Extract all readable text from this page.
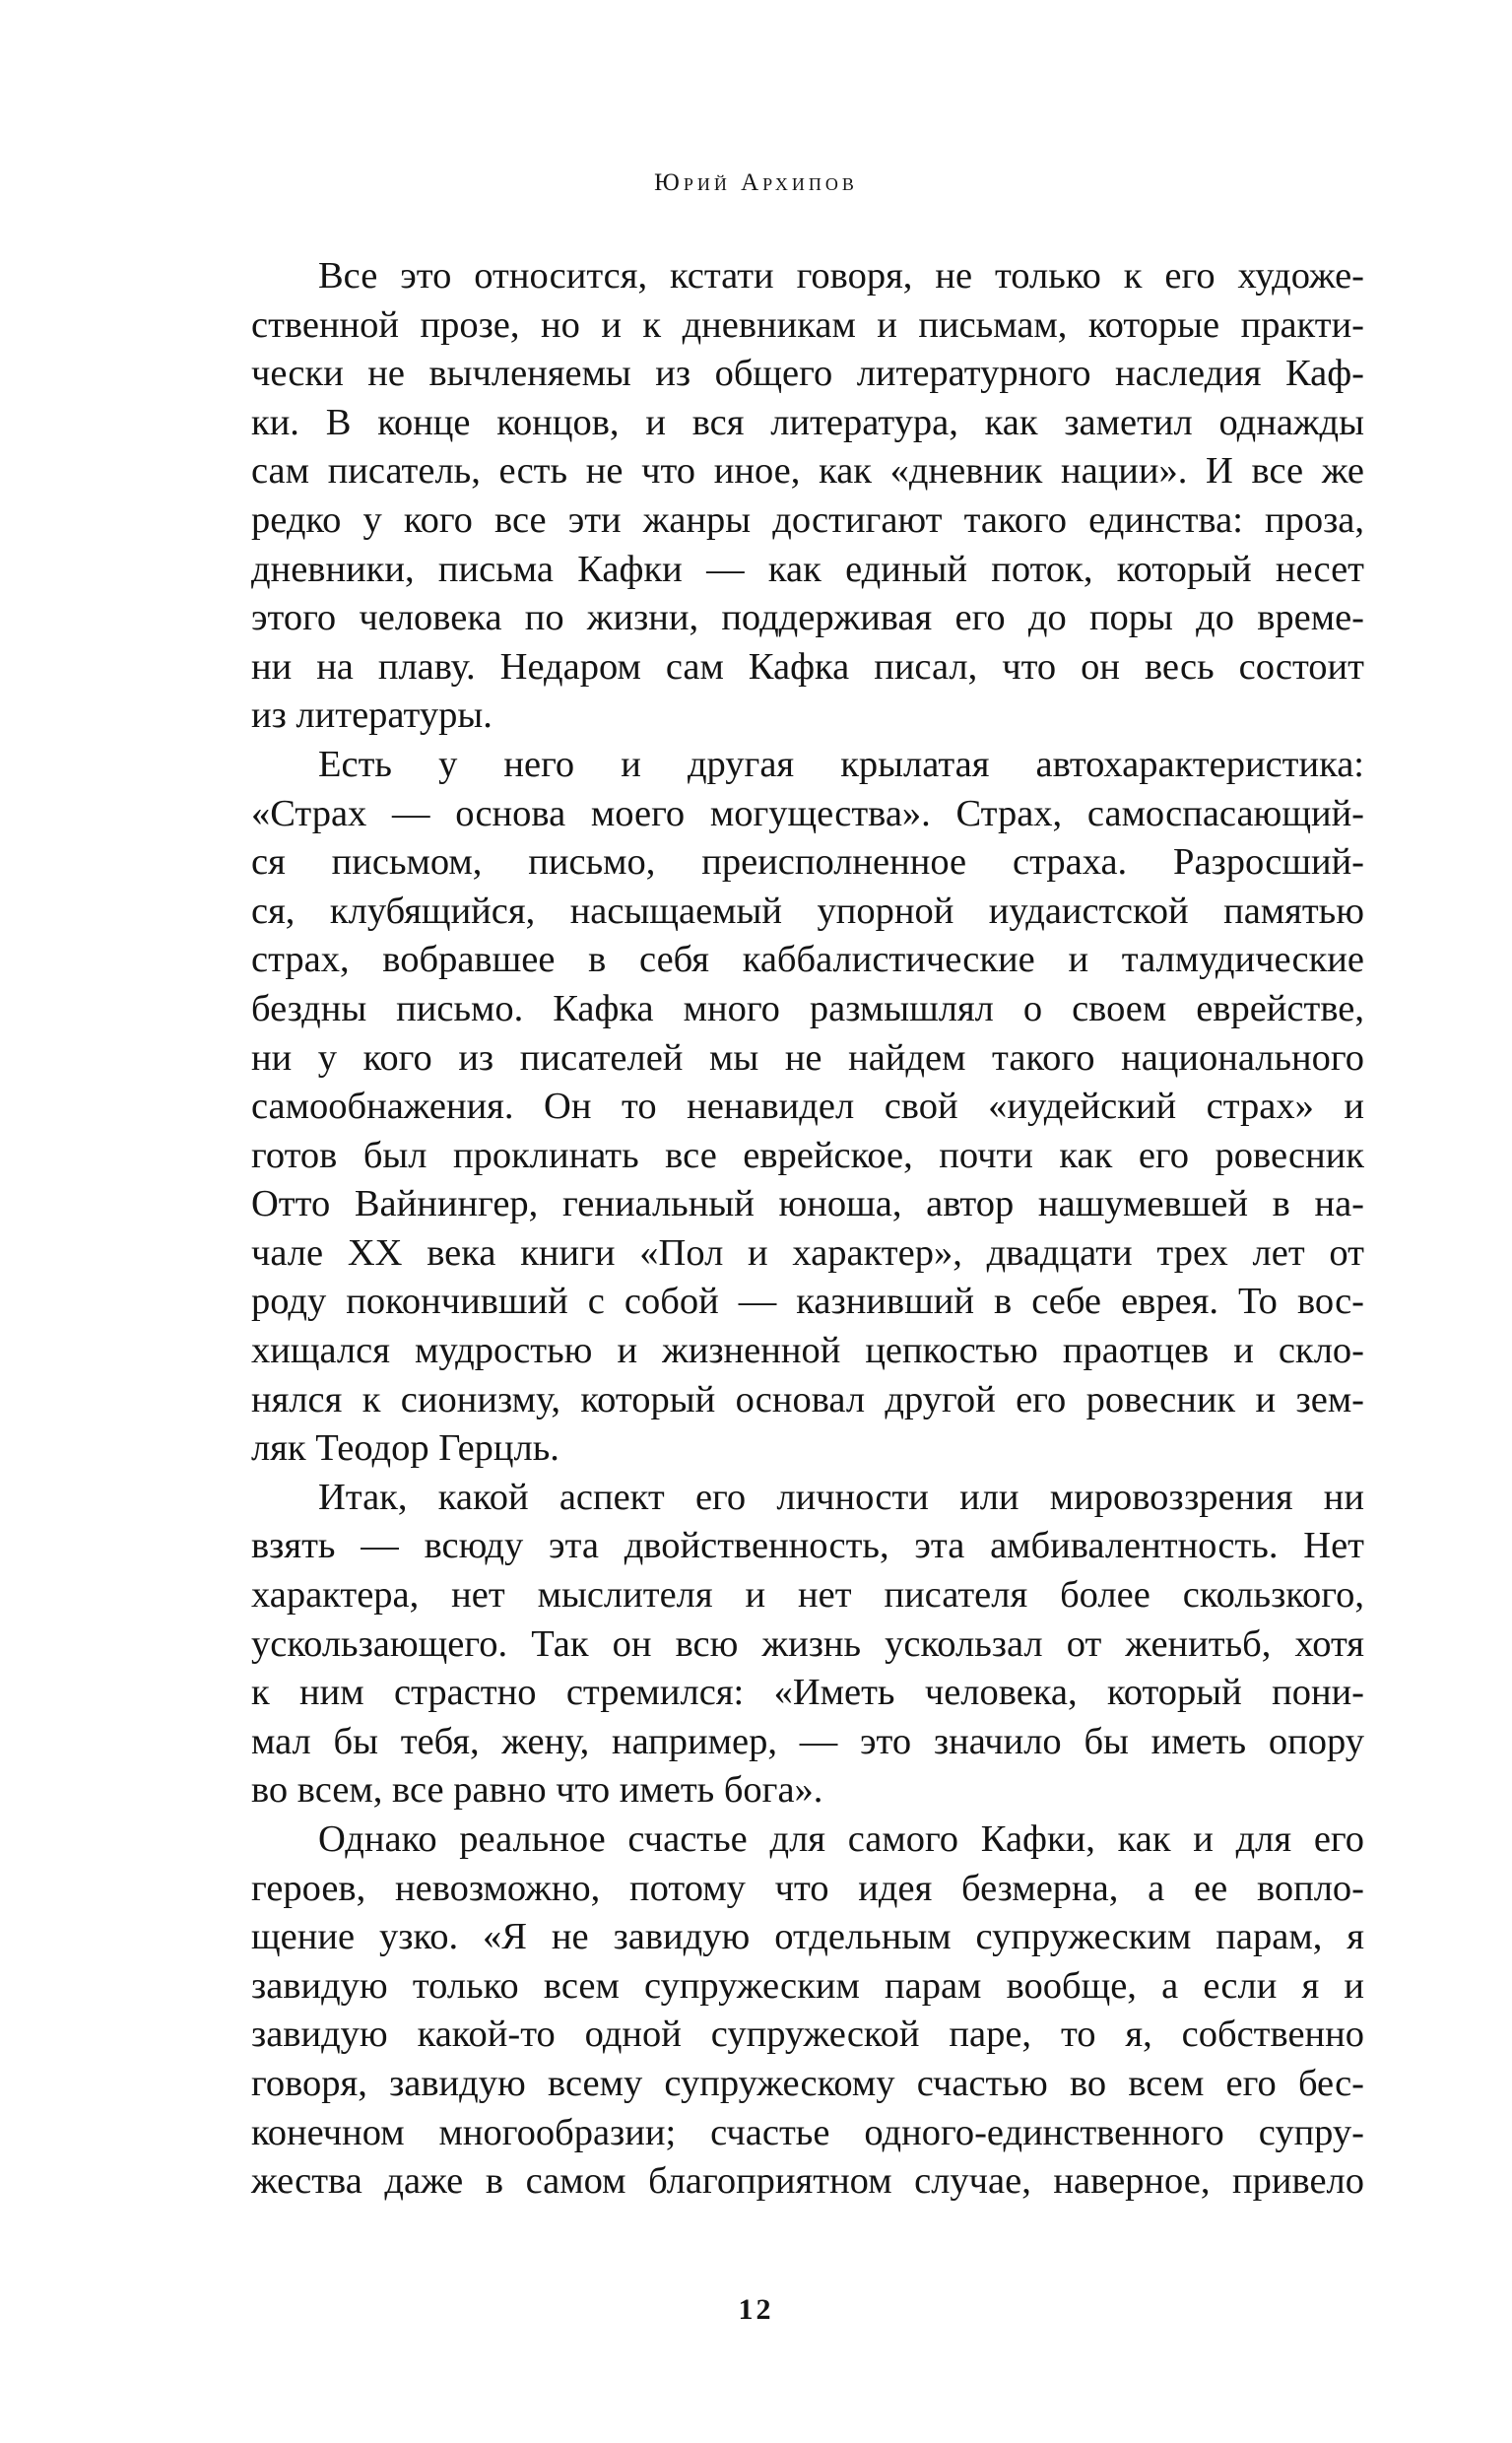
Юрий Архипов
Все это относится, кстати говоря, не только к его художе-
ственной прозе, но и к дневникам и письмам, которые практи-
чески не вычленяемы из общего литературного наследия Каф-
ки. В конце концов, и вся литература, как заметил однажды
сам писатель, есть не что иное, как «дневник нации». И все же
редко у кого все эти жанры достигают такого единства: проза,
дневники, письма Кафки — как единый поток, который несет
этого человека по жизни, поддерживая его до поры до време-
ни на плаву. Недаром сам Кафка писал, что он весь состоит
из литературы.
Есть у него и другая крылатая автохарактеристика:
«Страх — основа моего могущества». Страх, самоспасающий-
ся письмом, письмо, преисполненное страха. Разросший-
ся, клубящийся, насыщаемый упорной иудаистской памятью
страх, вобравшее в себя каббалистические и талмудические
бездны письмо. Кафка много размышлял о своем еврействе,
ни у кого из писателей мы не найдем такого национального
самообнажения. Он то ненавидел свой «иудейский страх» и
готов был проклинать все еврейское, почти как его ровесник
Отто Вайнингер, гениальный юноша, автор нашумевшей в на-
чале XX века книги «Пол и характер», двадцати трех лет от
роду покончивший с собой — казнивший в себе еврея. То вос-
хищался мудростью и жизненной цепкостью праотцев и скло-
нялся к сионизму, который основал другой его ровесник и зем-
ляк Теодор Герцль.
Итак, какой аспект его личности или мировоззрения ни
взять — всюду эта двойственность, эта амбивалентность. Нет
характера, нет мыслителя и нет писателя более скользкого,
ускользающего. Так он всю жизнь ускользал от женитьб, хотя
к ним страстно стремился: «Иметь человека, который пони-
мал бы тебя, жену, например, — это значило бы иметь опору
во всем, все равно что иметь бога».
Однако реальное счастье для самого Кафки, как и для его
героев, невозможно, потому что идея безмерна, а ее вопло-
щение узко. «Я не завидую отдельным супружеским парам, я
завидую только всем супружеским парам вообще, а если я и
завидую какой-то одной супружеской паре, то я, собственно
говоря, завидую всему супружескому счастью во всем его бес-
конечном многообразии; счастье одного-единственного супру-
жества даже в самом благоприятном случае, наверное, привело
12
